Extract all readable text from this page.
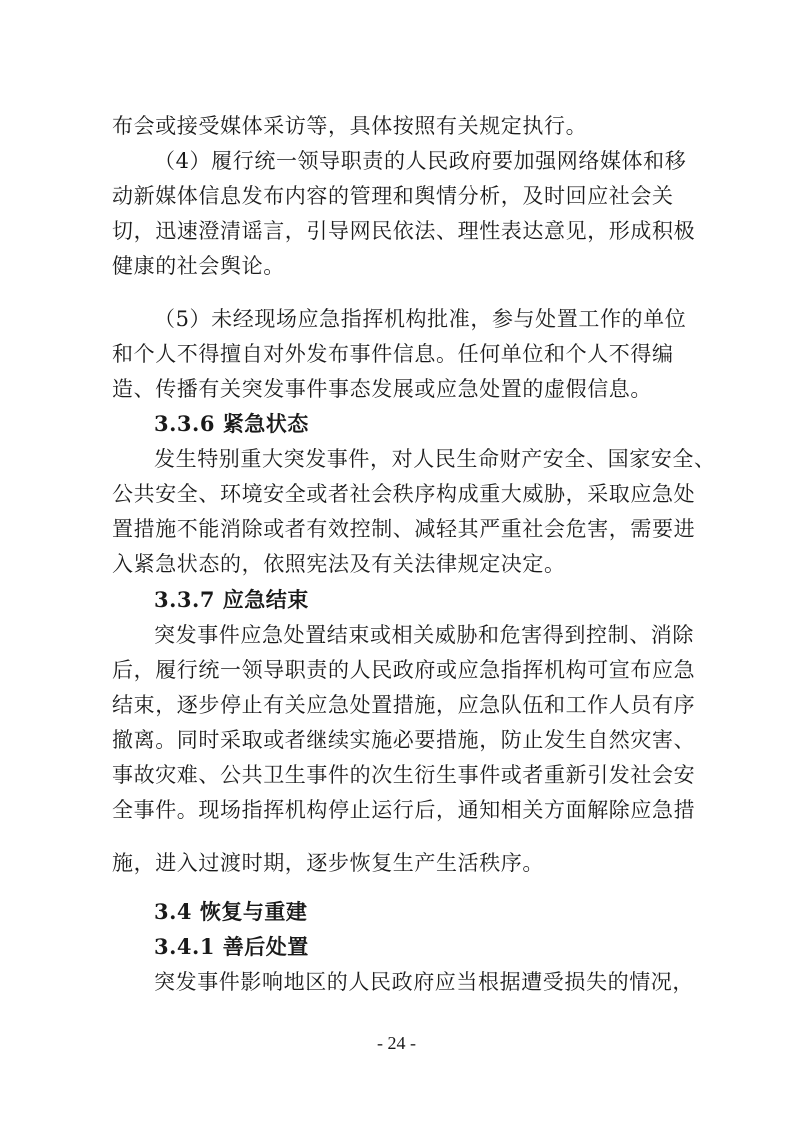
布会或接受媒体采访等，具体按照有关规定执行。
（4）履行统一领导职责的人民政府要加强网络媒体和移
动新媒体信息发布内容的管理和舆情分析，及时回应社会关
切，迅速澄清谣言，引导网民依法、理性表达意见，形成积极
健康的社会舆论。
（5）未经现场应急指挥机构批准，参与处置工作的单位
和个人不得擅自对外发布事件信息。任何单位和个人不得编
造、传播有关突发事件事态发展或应急处置的虚假信息。
3.3.6 紧急状态
发生特别重大突发事件，对人民生命财产安全、国家安全、
公共安全、环境安全或者社会秩序构成重大威胁，采取应急处
置措施不能消除或者有效控制、减轻其严重社会危害，需要进
入紧急状态的，依照宪法及有关法律规定决定。
3.3.7 应急结束
突发事件应急处置结束或相关威胁和危害得到控制、消除
后，履行统一领导职责的人民政府或应急指挥机构可宣布应急
结束，逐步停止有关应急处置措施，应急队伍和工作人员有序
撤离。同时采取或者继续实施必要措施，防止发生自然灾害、
事故灾难、公共卫生事件的次生衍生事件或者重新引发社会安
全事件。现场指挥机构停止运行后，通知相关方面解除应急措
施，进入过渡时期，逐步恢复生产生活秩序。
3.4 恢复与重建
3.4.1 善后处置
突发事件影响地区的人民政府应当根据遭受损失的情况，
- 24 -
